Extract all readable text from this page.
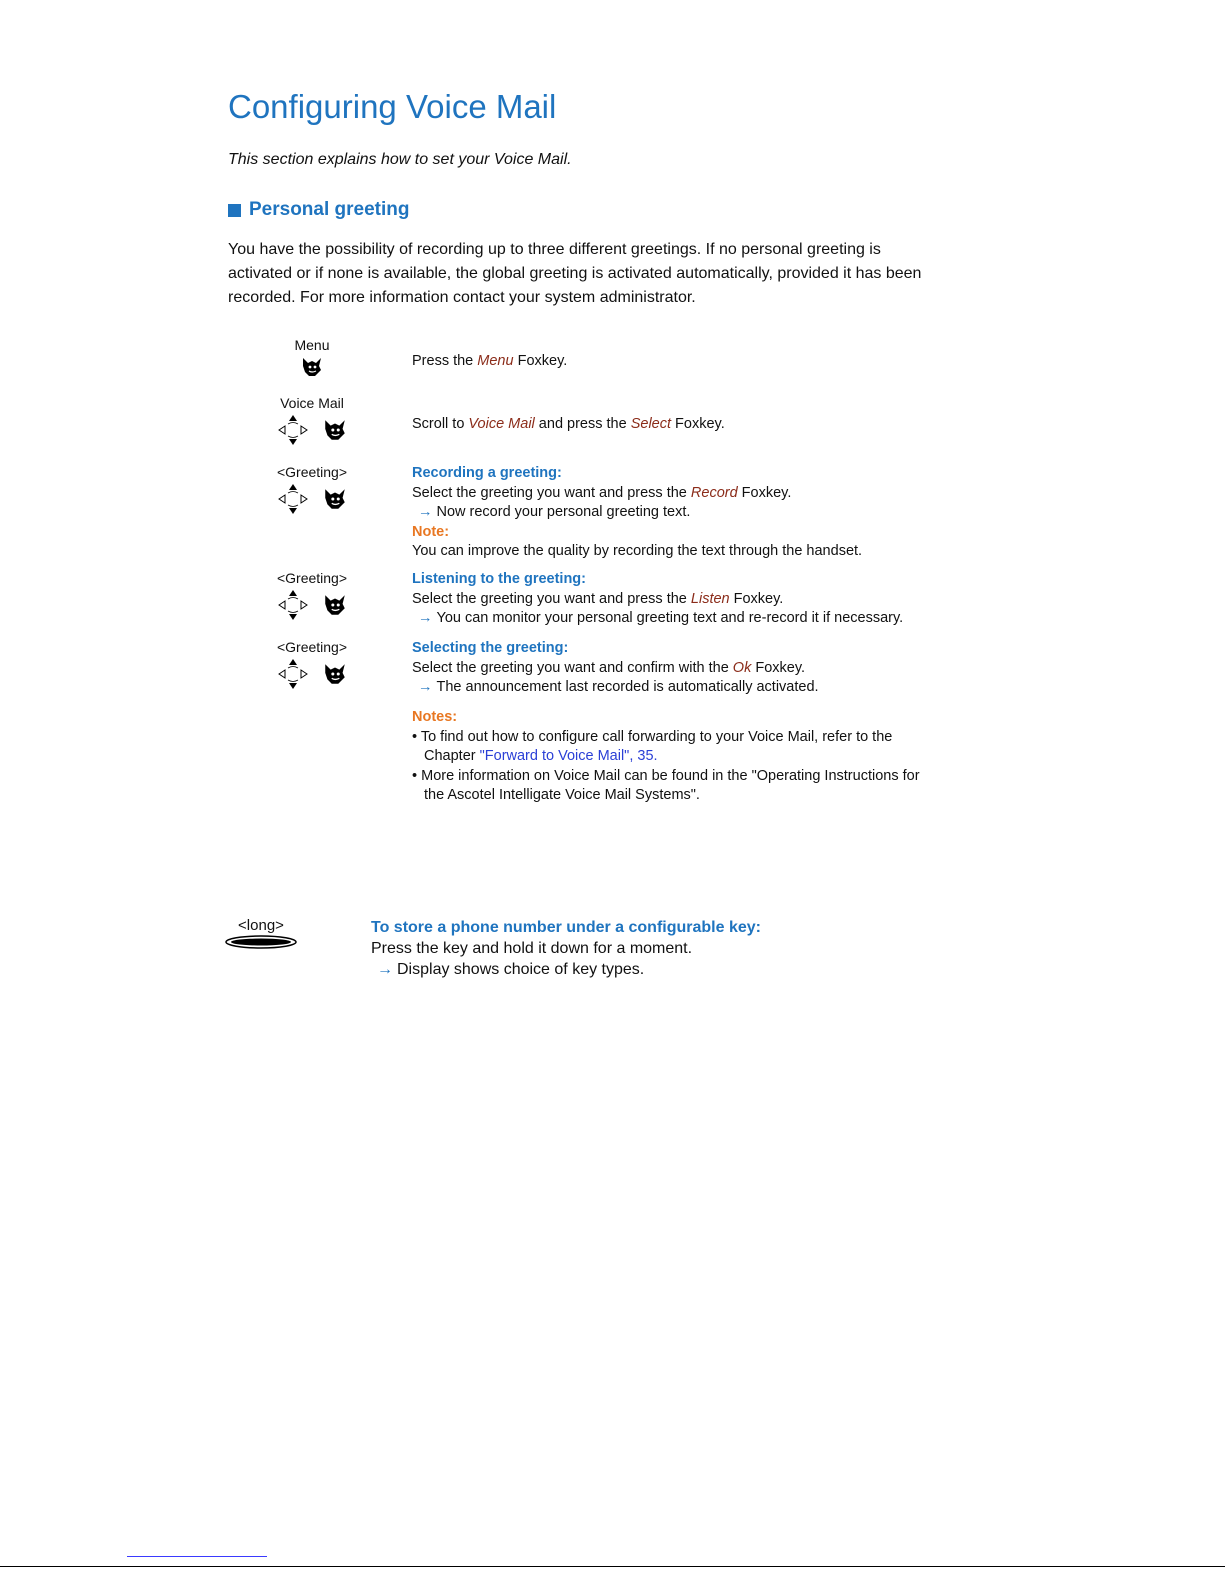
Configuring Voice Mail
This section explains how to set your Voice Mail.
Personal greeting
You have the possibility of recording up to three different greetings. If no personal greeting is activated or if none is available, the global greeting is activated automatically, provided it has been recorded. For more information contact your system administrator.
Menu
Press the Menu Foxkey.
Voice Mail
Scroll to Voice Mail and press the Select Foxkey.
<Greeting>	Recording a greeting:
Select the greeting you want and press the Record Foxkey.
→ Now record your personal greeting text.
Note:
You can improve the quality by recording the text through the handset.
<Greeting>	Listening to the greeting:
Select the greeting you want and press the Listen Foxkey.
→ You can monitor your personal greeting text and re-record it if necessary.
<Greeting>	Selecting the greeting:
Select the greeting you want and confirm with the Ok Foxkey.
→ The announcement last recorded is automatically activated.
Notes:
• To find out how to configure call forwarding to your Voice Mail, refer to the Chapter "Forward to Voice Mail", 35.
• More information on Voice Mail can be found in the "Operating Instructions for the Ascotel Intelligate Voice Mail Systems".
<long>	To store a phone number under a configurable key:
Press the key and hold it down for a moment.
→ Display shows choice of key types.
